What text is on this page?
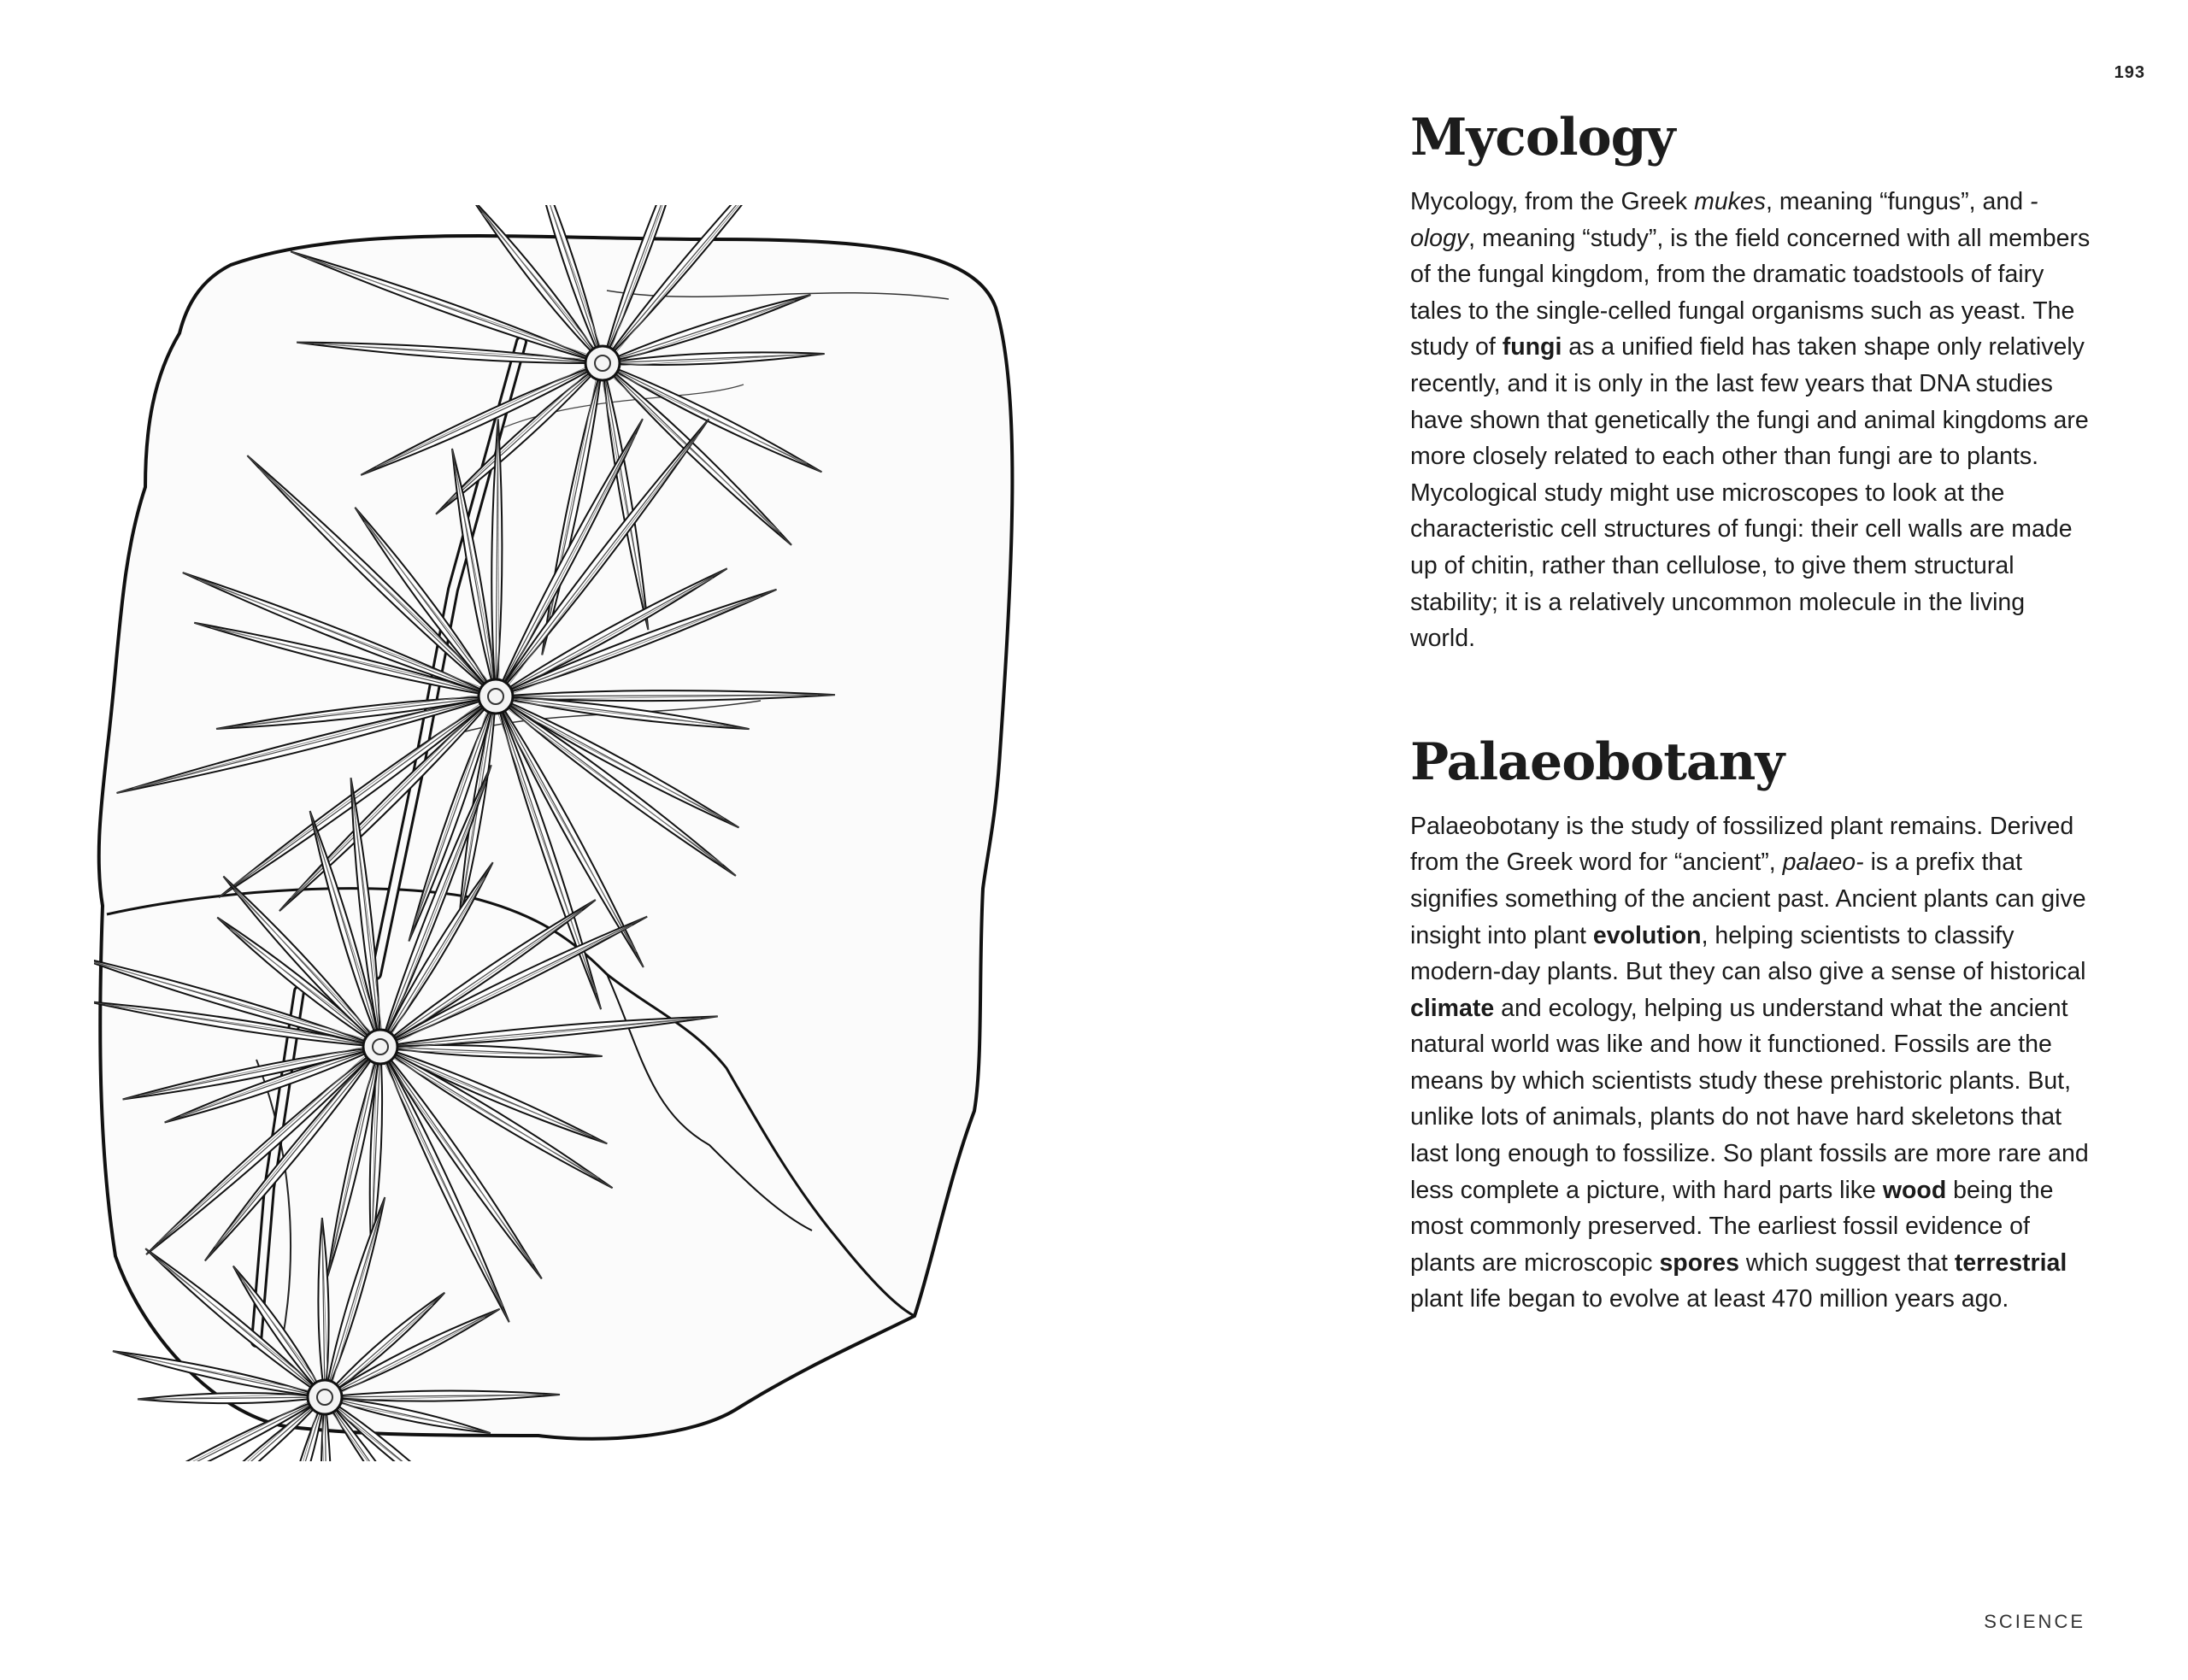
193
Mycology

Mycology, from the Greek mukes, meaning “fungus”, and -ology, meaning “study”, is the field concerned with all members of the fungal kingdom, from the dramatic toadstools of fairy tales to the single-celled fungal organisms such as yeast. The study of fungi as a unified field has taken shape only relatively recently, and it is only in the last few years that DNA studies have shown that genetically the fungi and animal kingdoms are more closely related to each other than fungi are to plants. Mycological study might use microscopes to look at the characteristic cell structures of fungi: their cell walls are made up of chitin, rather than cellulose, to give them structural stability; it is a relatively uncommon molecule in the living world.

Palaeobotany

Palaeobotany is the study of fossilized plant remains. Derived from the Greek word for “ancient”, palaeo- is a prefix that signifies something of the ancient past. Ancient plants can give insight into plant evolution, helping scientists to classify modern-day plants. But they can also give a sense of historical climate and ecology, helping us understand what the ancient natural world was like and how it functioned. Fossils are the means by which scientists study these prehistoric plants. But, unlike lots of animals, plants do not have hard skeletons that last long enough to fossilize. So plant fossils are more rare and less complete a picture, with hard parts like wood being the most commonly preserved. The earliest fossil evidence of plants are microscopic spores which suggest that terrestrial plant life began to evolve at least 470 million years ago.

SCIENCE
